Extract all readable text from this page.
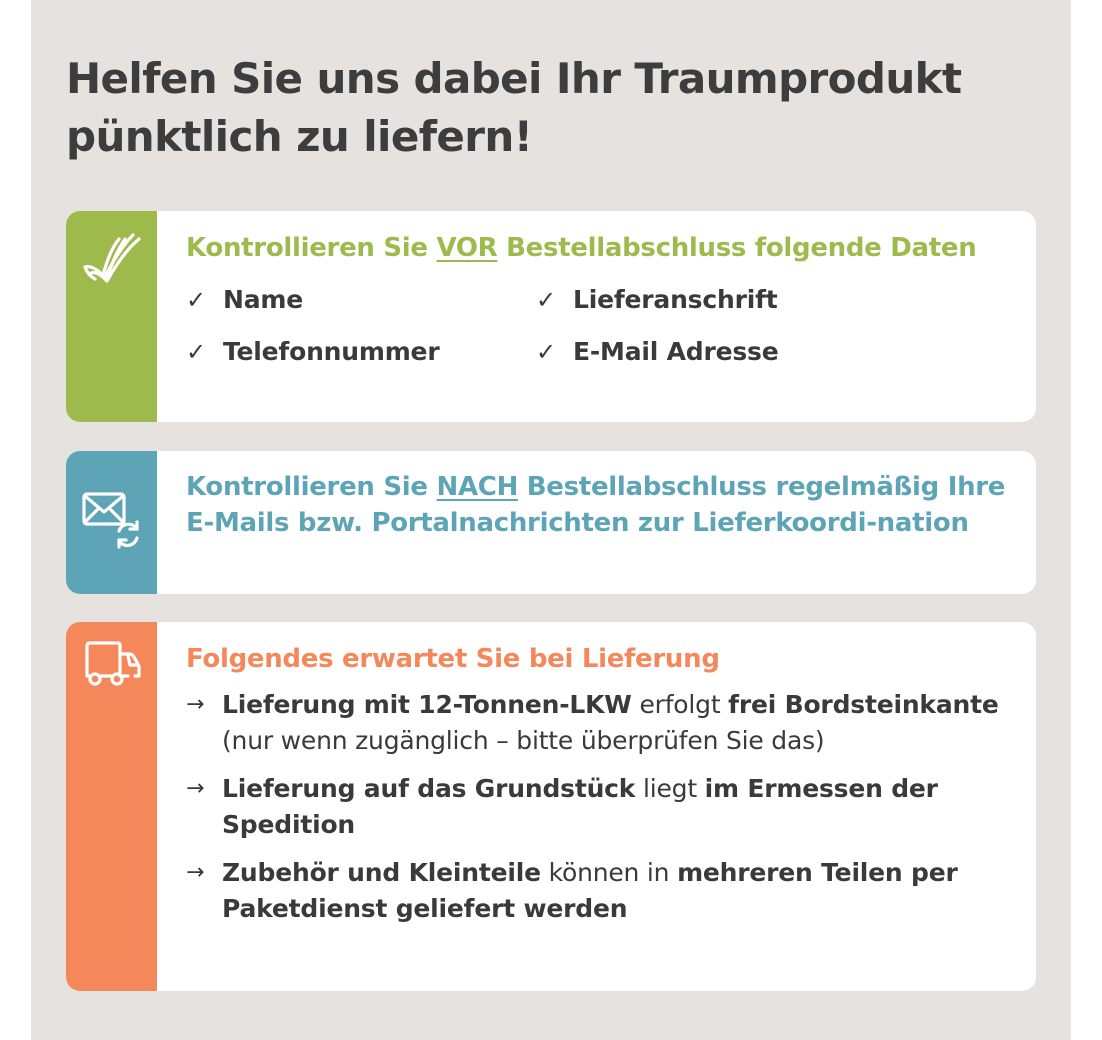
Helfen Sie uns dabei Ihr Traumprodukt pünktlich zu liefern!
Kontrollieren Sie VOR Bestellabschluss folgende Daten
✓ Name	✓ Lieferanschrift
✓ Telefonnummer	✓ E-Mail Adresse
Kontrollieren Sie NACH Bestellabschluss regelmäßig Ihre E-Mails bzw. Portalnachrichten zur Lieferkoordi-nation
Folgendes erwartet Sie bei Lieferung
→ Lieferung mit 12-Tonnen-LKW erfolgt frei Bordsteinkante (nur wenn zugänglich – bitte überprüfen Sie das)
→ Lieferung auf das Grundstück liegt im Ermessen der Spedition
→ Zubehör und Kleinteile können in mehreren Teilen per Paketdienst geliefert werden
